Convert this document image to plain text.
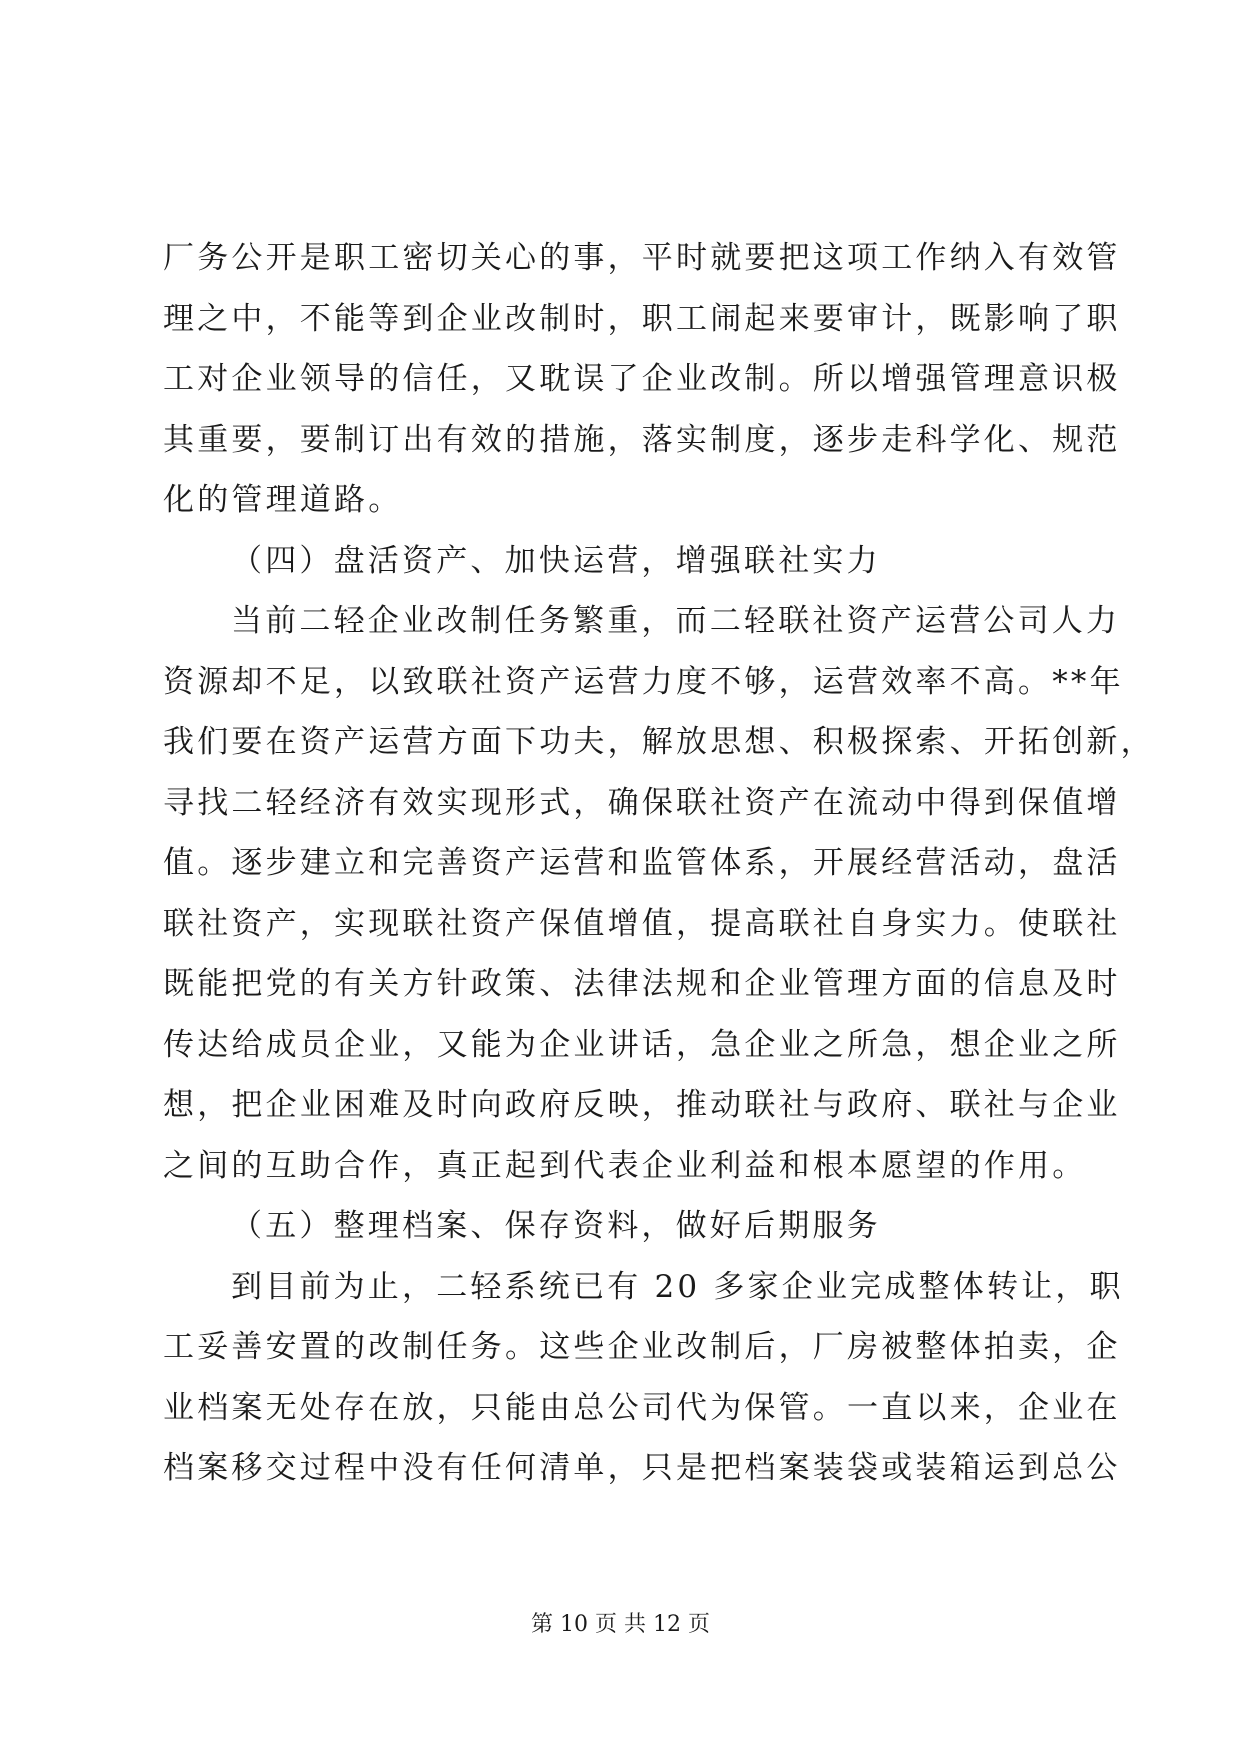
厂务公开是职工密切关心的事，平时就要把这项工作纳入有效管
理之中，不能等到企业改制时，职工闹起来要审计，既影响了职
工对企业领导的信任，又耽误了企业改制。所以增强管理意识极
其重要，要制订出有效的措施，落实制度，逐步走科学化、规范
化的管理道路。
（四）盘活资产、加快运营，增强联社实力
当前二轻企业改制任务繁重，而二轻联社资产运营公司人力
资源却不足，以致联社资产运营力度不够，运营效率不高。**年
我们要在资产运营方面下功夫，解放思想、积极探索、开拓创新，
寻找二轻经济有效实现形式，确保联社资产在流动中得到保值增
值。逐步建立和完善资产运营和监管体系，开展经营活动，盘活
联社资产，实现联社资产保值增值，提高联社自身实力。使联社
既能把党的有关方针政策、法律法规和企业管理方面的信息及时
传达给成员企业，又能为企业讲话，急企业之所急，想企业之所
想，把企业困难及时向政府反映，推动联社与政府、联社与企业
之间的互助合作，真正起到代表企业利益和根本愿望的作用。
（五）整理档案、保存资料，做好后期服务
到目前为止，二轻系统已有 20 多家企业完成整体转让，职
工妥善安置的改制任务。这些企业改制后，厂房被整体拍卖，企
业档案无处存在放，只能由总公司代为保管。一直以来，企业在
档案移交过程中没有任何清单，只是把档案装袋或装箱运到总公
第 10 页 共 12 页
